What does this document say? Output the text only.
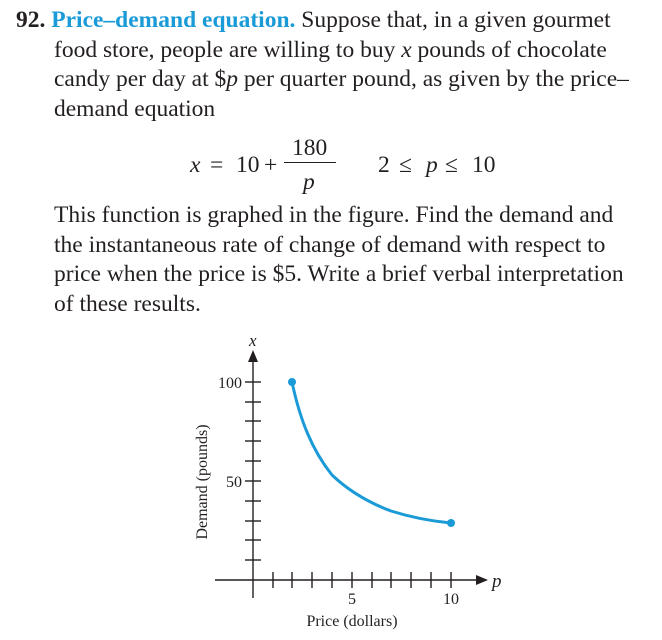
92. Price–demand equation. Suppose that, in a given gourmet
food store, people are willing to buy x pounds of chocolate
candy per day at $p per quarter pound, as given by the price–
demand equation
x = 10 +
180
p
2 ≤ p ≤ 10
This function is graphed in the figure. Find the demand and
the instantaneous rate of change of demand with respect to
price when the price is $5. Write a brief verbal interpretation
of these results.
x
p
100
50
5	10
Price (dollars)
Demand (pounds)
